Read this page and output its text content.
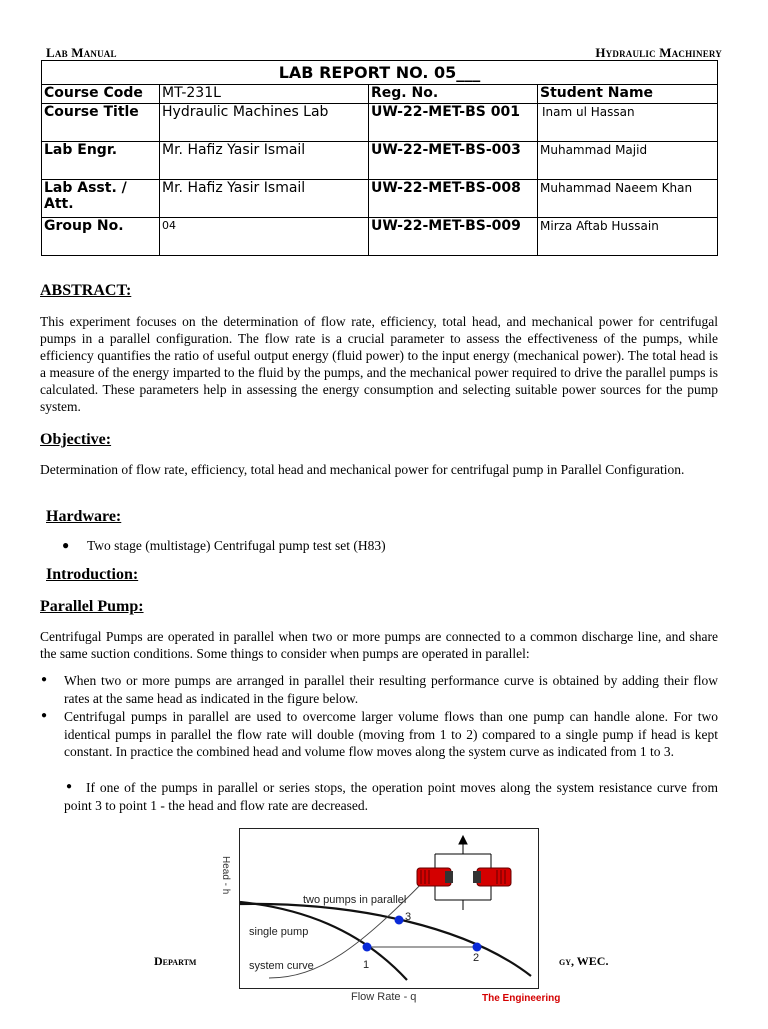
Lab Manual	Hydraulic Machinery
LAB REPORT NO. 05___			
Course Code	MT-231L	Reg. No.	Student Name
Course Title	Hydraulic Machines Lab	UW-22-MET-BS 001	Inam ul Hassan
Lab Engr.	Mr. Hafiz Yasir Ismail	UW-22-MET-BS-003	Muhammad Majid
Lab Asst. / Att.	Mr. Hafiz Yasir Ismail	UW-22-MET-BS-008	Muhammad Naeem Khan
Group No.	04	UW-22-MET-BS-009	Mirza Aftab Hussain
ABSTRACT:

This experiment focuses on the determination of flow rate, efficiency, total head, and mechanical power for centrifugal pumps in a parallel configuration. The flow rate is a crucial parameter to assess the effectiveness of the pumps, while efficiency quantifies the ratio of useful output energy (fluid power) to the input energy (mechanical power). The total head is a measure of the energy imparted to the fluid by the pumps, and the mechanical power required to drive the parallel pumps is calculated. These parameters help in assessing the energy consumption and selecting suitable power sources for the pump system.

Objective:

Determination of flow rate, efficiency, total head and mechanical power for centrifugal pump in Parallel Configuration.

Hardware:
● Two stage (multistage) Centrifugal pump test set (H83)
Introduction:
Parallel Pump:

Centrifugal Pumps are operated in parallel when two or more pumps are connected to a common discharge line, and share the same suction conditions. Some things to consider when pumps are operated in parallel:

● When two or more pumps are arranged in parallel their resulting performance curve is obtained by adding their flow rates at the same head as indicated in the figure below.
● Centrifugal pumps in parallel are used to overcome larger volume flows than one pump can handle alone. For two identical pumps in parallel the flow rate will double (moving from 1 to 2) compared to a single pump if head is kept constant. In practice the combined head and volume flow moves along the system curve as indicated from 1 to 3.
●	If one of the pumps in parallel or series stops, the operation point moves along the system resistance curve from point 3 to point 1 - the head and flow rate are decreased.
Head - h
two pumps in parallel
single pump
system curve	1
2
3
Flow Rate - q	The Engineering
Departm	gy, WEC.
